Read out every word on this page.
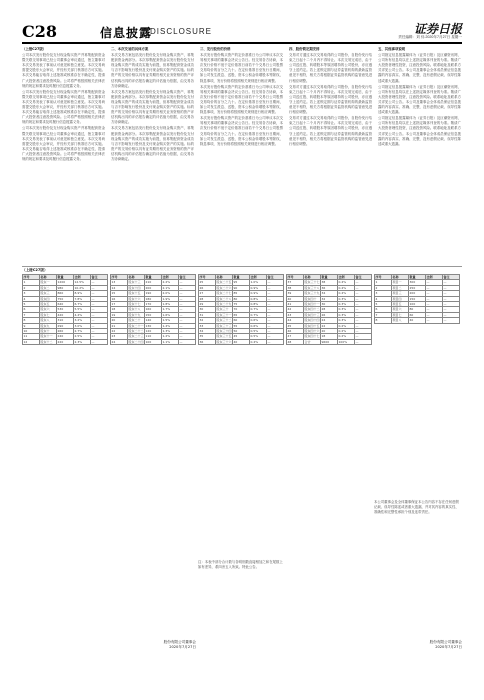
C28	信息披露
DISCLOSURE	证券日报
责任编辑：刘 伟 2020年7月27日 星期一

（上接C27版）

公司本次发行股份及支付现金购买资产并募集配套资金暨关联交易事项已经公司董事会审议通过，独立董事对本次交易发表了事前认可意见和独立意见。本次交易尚需提交股东大会审议，并经有关部门核准后方可实施。本次交易能否取得上述批准或核准存在不确定性，提请广大投资者注意投资风险。公司将严格按照相关法律法规的规定和要求及时履行信息披露义务。

公司本次发行股份及支付现金购买资产并募集配套资金暨关联交易事项已经公司董事会审议通过，独立董事对本次交易发表了事前认可意见和独立意见。本次交易尚需提交股东大会审议，并经有关部门核准后方可实施。本次交易能否取得上述批准或核准存在不确定性，提请广大投资者注意投资风险。公司将严格按照相关法律法规的规定和要求及时履行信息披露义务。

公司本次发行股份及支付现金购买资产并募集配套资金暨关联交易事项已经公司董事会审议通过，独立董事对本次交易发表了事前认可意见和独立意见。本次交易尚需提交股东大会审议，并经有关部门核准后方可实施。本次交易能否取得上述批准或核准存在不确定性，提请广大投资者注意投资风险。公司将严格按照相关法律法规的规定和要求及时履行信息披露义务。

二、本次交易的具体方案

本次交易方案包括发行股份及支付现金购买资产、募集配套资金两部分。本次募集配套资金以发行股份及支付现金购买资产的成功实施为前提，但募集配套资金成功与否不影响发行股份及支付现金购买资产的实施。标的资产的交易价格以具有证券期货相关业务资格的资产评估机构出具的评估报告确定的评估值为依据，由交易各方协商确定。

本次交易方案包括发行股份及支付现金购买资产、募集配套资金两部分。本次募集配套资金以发行股份及支付现金购买资产的成功实施为前提，但募集配套资金成功与否不影响发行股份及支付现金购买资产的实施。标的资产的交易价格以具有证券期货相关业务资格的资产评估机构出具的评估报告确定的评估值为依据，由交易各方协商确定。

本次交易方案包括发行股份及支付现金购买资产、募集配套资金两部分。本次募集配套资金以发行股份及支付现金购买资产的成功实施为前提，但募集配套资金成功与否不影响发行股份及支付现金购买资产的实施。标的资产的交易价格以具有证券期货相关业务资格的资产评估机构出具的评估报告确定的评估值为依据，由交易各方协商确定。

三、发行股份的价格

本次发行股份购买资产的定价基准日为公司审议本次交易相关事项的董事会决议公告日。经交易各方协商，本次发行价格不低于定价基准日前若干个交易日公司股票交易均价的百分之九十。在定价基准日至发行日期间，如公司发生派息、送股、资本公积金转增股本等除权、除息事项，发行价格将按照相关规则进行相应调整。

本次发行股份购买资产的定价基准日为公司审议本次交易相关事项的董事会决议公告日。经交易各方协商，本次发行价格不低于定价基准日前若干个交易日公司股票交易均价的百分之九十。在定价基准日至发行日期间，如公司发生派息、送股、资本公积金转增股本等除权、除息事项，发行价格将按照相关规则进行相应调整。

本次发行股份购买资产的定价基准日为公司审议本次交易相关事项的董事会决议公告日。经交易各方协商，本次发行价格不低于定价基准日前若干个交易日公司股票交易均价的百分之九十。在定价基准日至发行日期间，如公司发生派息、送股、资本公积金转增股本等除权、除息事项，发行价格将按照相关规则进行相应调整。

四、股份锁定期安排

交易对方通过本次交易取得的公司股份，自股份发行结束之日起十二个月内不得转让。本次交易完成后，由于公司送红股、转增股本等原因增持的公司股份，亦应遵守上述约定。若上述锁定期与证券监管机构的最新监管意见不相符，相关方将根据证券监管机构的监管意见进行相应调整。

交易对方通过本次交易取得的公司股份，自股份发行结束之日起十二个月内不得转让。本次交易完成后，由于公司送红股、转增股本等原因增持的公司股份，亦应遵守上述约定。若上述锁定期与证券监管机构的最新监管意见不相符，相关方将根据证券监管机构的监管意见进行相应调整。

交易对方通过本次交易取得的公司股份，自股份发行结束之日起十二个月内不得转让。本次交易完成后，由于公司送红股、转增股本等原因增持的公司股份，亦应遵守上述约定。若上述锁定期与证券监管机构的最新监管意见不相符，相关方将根据证券监管机构的监管意见进行相应调整。

五、其他事项说明

公司指定信息披露媒体为《证券日报》及巨潮资讯网，公司所有信息均以在上述指定媒体刊登的为准。敬请广大投资者理性投资，注意投资风险。联系地址及联系方式详见公司公告。本公司及董事会全体成员保证信息披露的内容真实、准确、完整，没有虚假记载、误导性陈述或重大遗漏。

公司指定信息披露媒体为《证券日报》及巨潮资讯网，公司所有信息均以在上述指定媒体刊登的为准。敬请广大投资者理性投资，注意投资风险。联系地址及联系方式详见公司公告。本公司及董事会全体成员保证信息披露的内容真实、准确、完整，没有虚假记载、误导性陈述或重大遗漏。

公司指定信息披露媒体为《证券日报》及巨潮资讯网，公司所有信息均以在上述指定媒体刊登的为准。敬请广大投资者理性投资，注意投资风险。联系地址及联系方式详见公司公告。本公司及董事会全体成员保证信息披露的内容真实、准确、完整，没有虚假记载、误导性陈述或重大遗漏。

（上接C27版）
序号	名称	数量	比例	备注
1	股东一	1200	12.5%	—
2	股东二	980	10.2%	—
3	股东三	860	8.9%	—
4	股东四	750	7.8%	—
5	股东五	640	6.7%	—
6	股东六	530	5.5%	—
7	股东七	420	4.4%	—
8	股东八	310	3.2%	—
9	股东九	290	3.0%	—
10	股东十	260	2.7%	—
11	股东十一	240	2.5%	—
12	股东十二	220	2.3%	—
序号	名称	数量	比例	备注
13	股东十三	210	2.2%	—
14	股东十四	200	2.1%	—
15	股东十五	190	2.0%	—
16	股东十六	180	1.9%	—
17	股东十七	170	1.8%	—
18	股东十八	160	1.7%	—
19	股东十九	150	1.6%	—
20	股东二十	140	1.5%	—
21	股东二十一	130	1.4%	—
22	股东二十二	120	1.3%	—
23	股东二十三	110	1.2%	—
24	股东二十四	100	1.1%	—
序号	名称	数量	比例	备注
25	股东二十五	95	1.0%	—
26	股东二十六	90	0.9%	—
27	股东二十七	85	0.9%	—
28	股东二十八	80	0.8%	—
29	股东二十九	75	0.8%	—
30	股东三十	70	0.7%	—
31	股东三十一	65	0.7%	—
32	股东三十二	60	0.6%	—
33	股东三十三	55	0.6%	—
34	股东三十四	50	0.5%	—
35	股东三十五	45	0.5%	—
36	股东三十六	40	0.4%	—
序号	名称	数量	比例	备注
37	股东三十七	38	0.4%	—
38	股东三十八	36	0.4%	—
39	股东三十九	34	0.4%	—
40	股东四十	32	0.3%	—
41	股东四十一	30	0.3%	—
42	股东四十二	28	0.3%	—
43	股东四十三	26	0.3%	—
44	股东四十四	24	0.3%	—
45	股东四十五	22	0.2%	—
46	股东四十六	20	0.2%	—
47	股东四十七	18	0.2%	—
48	合计	9600	100%	—
序号	名称	数量	比例	备注
1	项目一	300	—	—
2	项目二	250	—	—
3	项目三	200	—	—
4	项目四	150	—	—
5	项目五	100	—	—
6	项目六	80	—	—
7	项目七	60	—	—
8	项目八	40	—	—
注：本表中部分合计数与各明细数直接相加之和在尾数上如有差异，系四舍五入所致。特此公告。
本公司董事会及全体董事保证本公告内容不存在任何虚假记载、误导性陈述或者重大遗漏，并对其内容的真实性、准确性和完整性承担个别及连带责任。
股份有限公司董事会
2020年7月27日
股份有限公司董事会
2020年7月27日
